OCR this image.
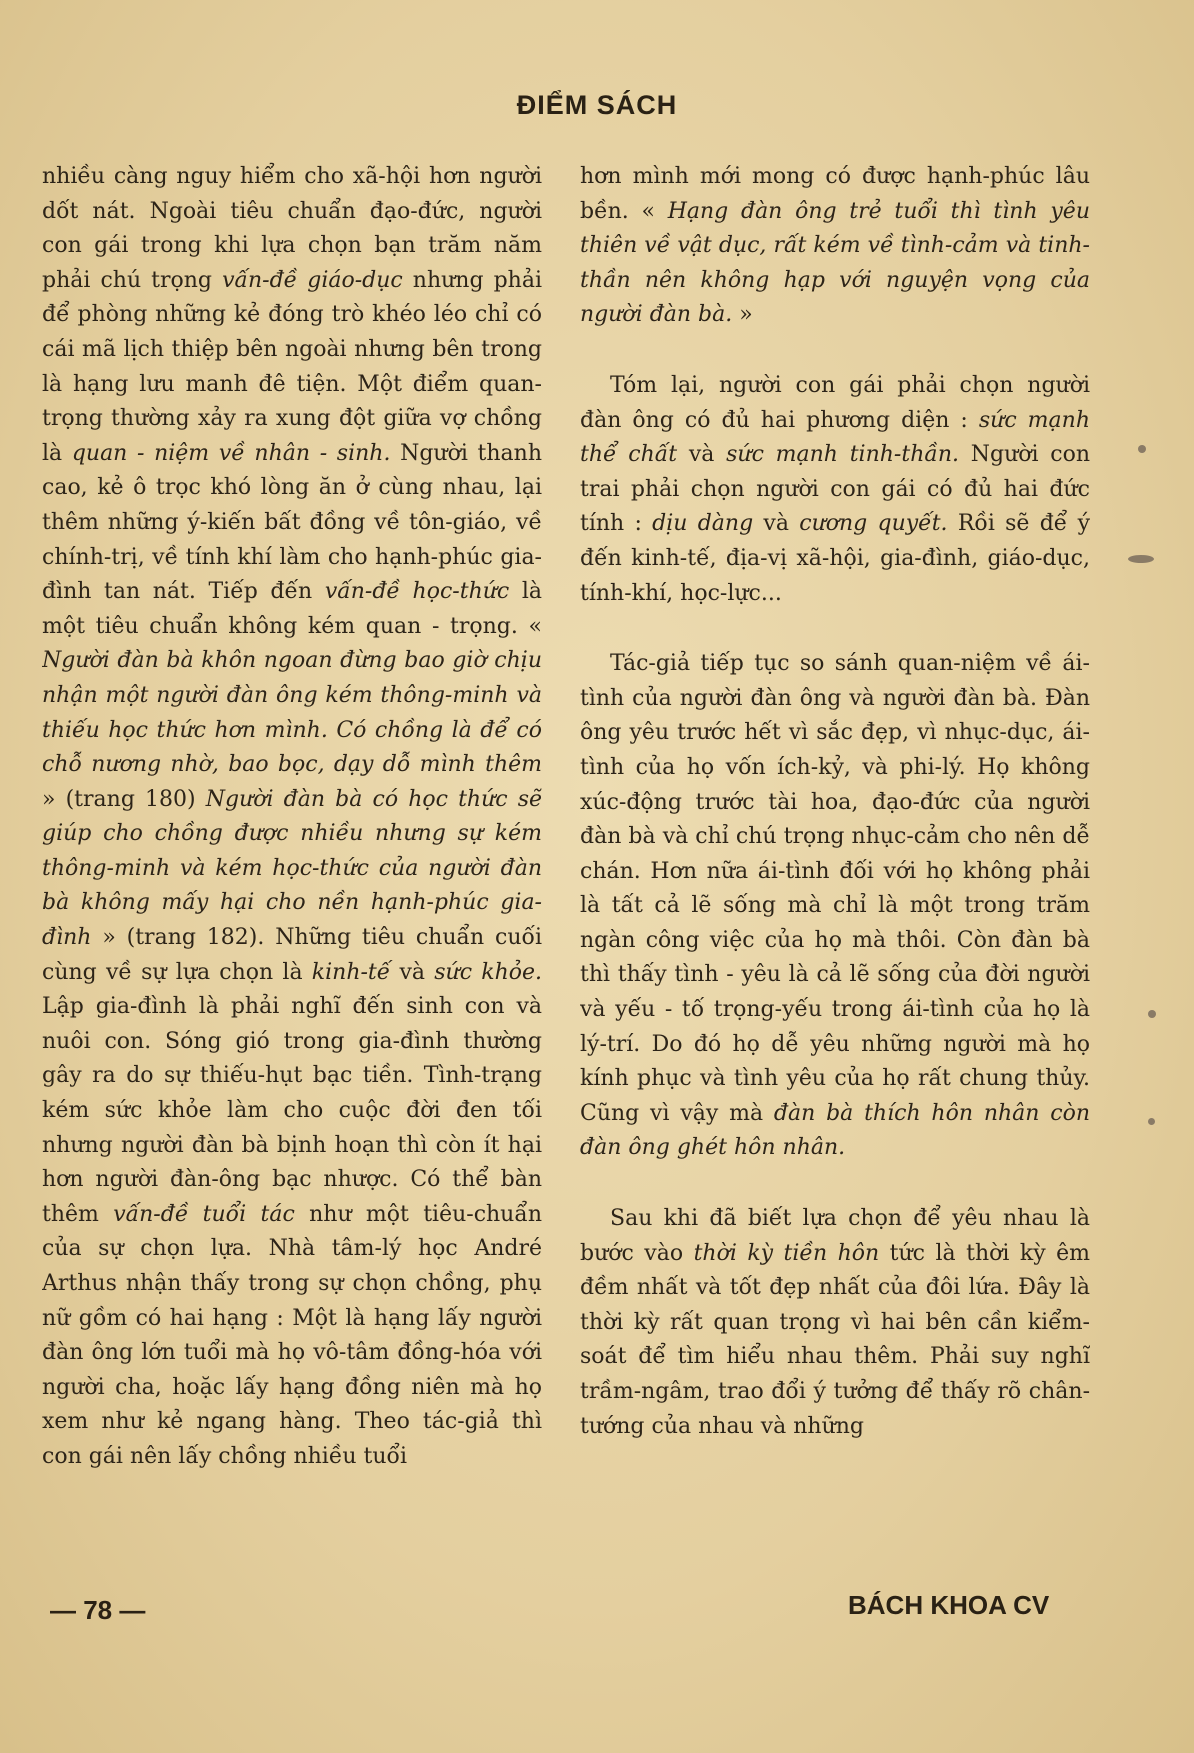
ĐIỂM SÁCH

nhiều càng nguy hiểm cho xã-hội hơn người dốt nát. Ngoài tiêu chuẩn đạo-đức, người con gái trong khi lựa chọn bạn trăm năm phải chú trọng vấn-đề giáo-dục nhưng phải để phòng những kẻ đóng trò khéo léo chỉ có cái mã lịch thiệp bên ngoài nhưng bên trong là hạng lưu manh đê tiện. Một điểm quan-trọng thường xảy ra xung đột giữa vợ chồng là quan - niệm về nhân - sinh. Người thanh cao, kẻ ô trọc khó lòng ăn ở cùng nhau, lại thêm những ý-kiến bất đồng về tôn-giáo, về chính-trị, về tính khí làm cho hạnh-phúc gia-đình tan nát. Tiếp đến vấn-đề học-thức là một tiêu chuẩn không kém quan - trọng. « Người đàn bà khôn ngoan đừng bao giờ chịu nhận một người đàn ông kém thông-minh và thiếu học thức hơn mình. Có chồng là để có chỗ nương nhờ, bao bọc, dạy dỗ mình thêm » (trang 180) Người đàn bà có học thức sẽ giúp cho chồng được nhiều nhưng sự kém thông-minh và kém học-thức của người đàn bà không mấy hại cho nền hạnh-phúc gia-đình » (trang 182). Những tiêu chuẩn cuối cùng về sự lựa chọn là kinh-tế và sức khỏe. Lập gia-đình là phải nghĩ đến sinh con và nuôi con. Sóng gió trong gia-đình thường gây ra do sự thiếu-hụt bạc tiền. Tình-trạng kém sức khỏe làm cho cuộc đời đen tối nhưng người đàn bà bịnh hoạn thì còn ít hại hơn người đàn-ông bạc nhược. Có thể bàn thêm vấn-đề tuổi tác như một tiêu-chuẩn của sự chọn lựa. Nhà tâm-lý học André Arthus nhận thấy trong sự chọn chồng, phụ nữ gồm có hai hạng : Một là hạng lấy người đàn ông lớn tuổi mà họ vô-tâm đồng-hóa với người cha, hoặc lấy hạng đồng niên mà họ xem như kẻ ngang hàng. Theo tác-giả thì con gái nên lấy chồng nhiều tuổi

hơn mình mới mong có được hạnh-phúc lâu bền. « Hạng đàn ông trẻ tuổi thì tình yêu thiên về vật dục, rất kém về tình-cảm và tinh-thần nên không hạp với nguyện vọng của người đàn bà. »

Tóm lại, người con gái phải chọn người đàn ông có đủ hai phương diện : sức mạnh thể chất và sức mạnh tinh-thần. Người con trai phải chọn người con gái có đủ hai đức tính : dịu dàng và cương quyết. Rồi sẽ để ý đến kinh-tế, địa-vị xã-hội, gia-đình, giáo-dục, tính-khí, học-lực...

Tác-giả tiếp tục so sánh quan-niệm về ái-tình của người đàn ông và người đàn bà. Đàn ông yêu trước hết vì sắc đẹp, vì nhục-dục, ái-tình của họ vốn ích-kỷ, và phi-lý. Họ không xúc-động trước tài hoa, đạo-đức của người đàn bà và chỉ chú trọng nhục-cảm cho nên dễ chán. Hơn nữa ái-tình đối với họ không phải là tất cả lẽ sống mà chỉ là một trong trăm ngàn công việc của họ mà thôi. Còn đàn bà thì thấy tình - yêu là cả lẽ sống của đời người và yếu - tố trọng-yếu trong ái-tình của họ là lý-trí. Do đó họ dễ yêu những người mà họ kính phục và tình yêu của họ rất chung thủy. Cũng vì vậy mà đàn bà thích hôn nhân còn đàn ông ghét hôn nhân.

Sau khi đã biết lựa chọn để yêu nhau là bước vào thời kỳ tiền hôn tức là thời kỳ êm đềm nhất và tốt đẹp nhất của đôi lứa. Đây là thời kỳ rất quan trọng vì hai bên cần kiểm-soát để tìm hiểu nhau thêm. Phải suy nghĩ trầm-ngâm, trao đổi ý tưởng để thấy rõ chân-tướng của nhau và những

— 78 —	BÁCH KHOA CV
